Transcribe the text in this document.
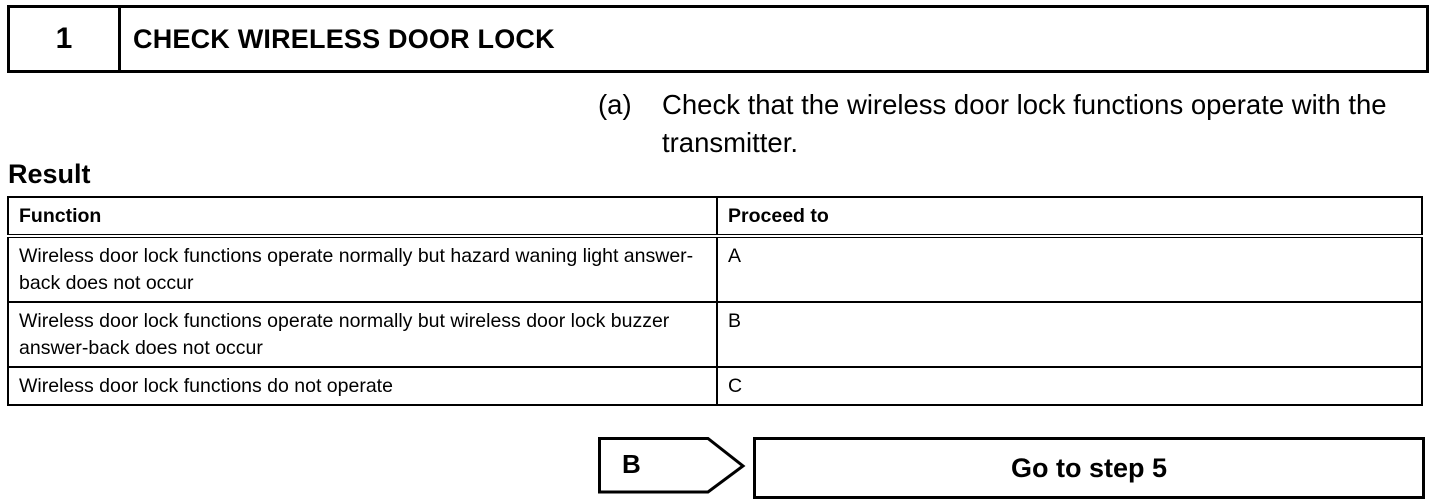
1	CHECK WIRELESS DOOR LOCK
(a)	Check that the wireless door lock functions operate with the transmitter.
Result
Function	Proceed to
Wireless door lock functions operate normally but hazard waning light answer-back does not occur	A
Wireless door lock functions operate normally but wireless door lock buzzer answer-back does not occur	B
Wireless door lock functions do not operate	C
B	Go to step 5
